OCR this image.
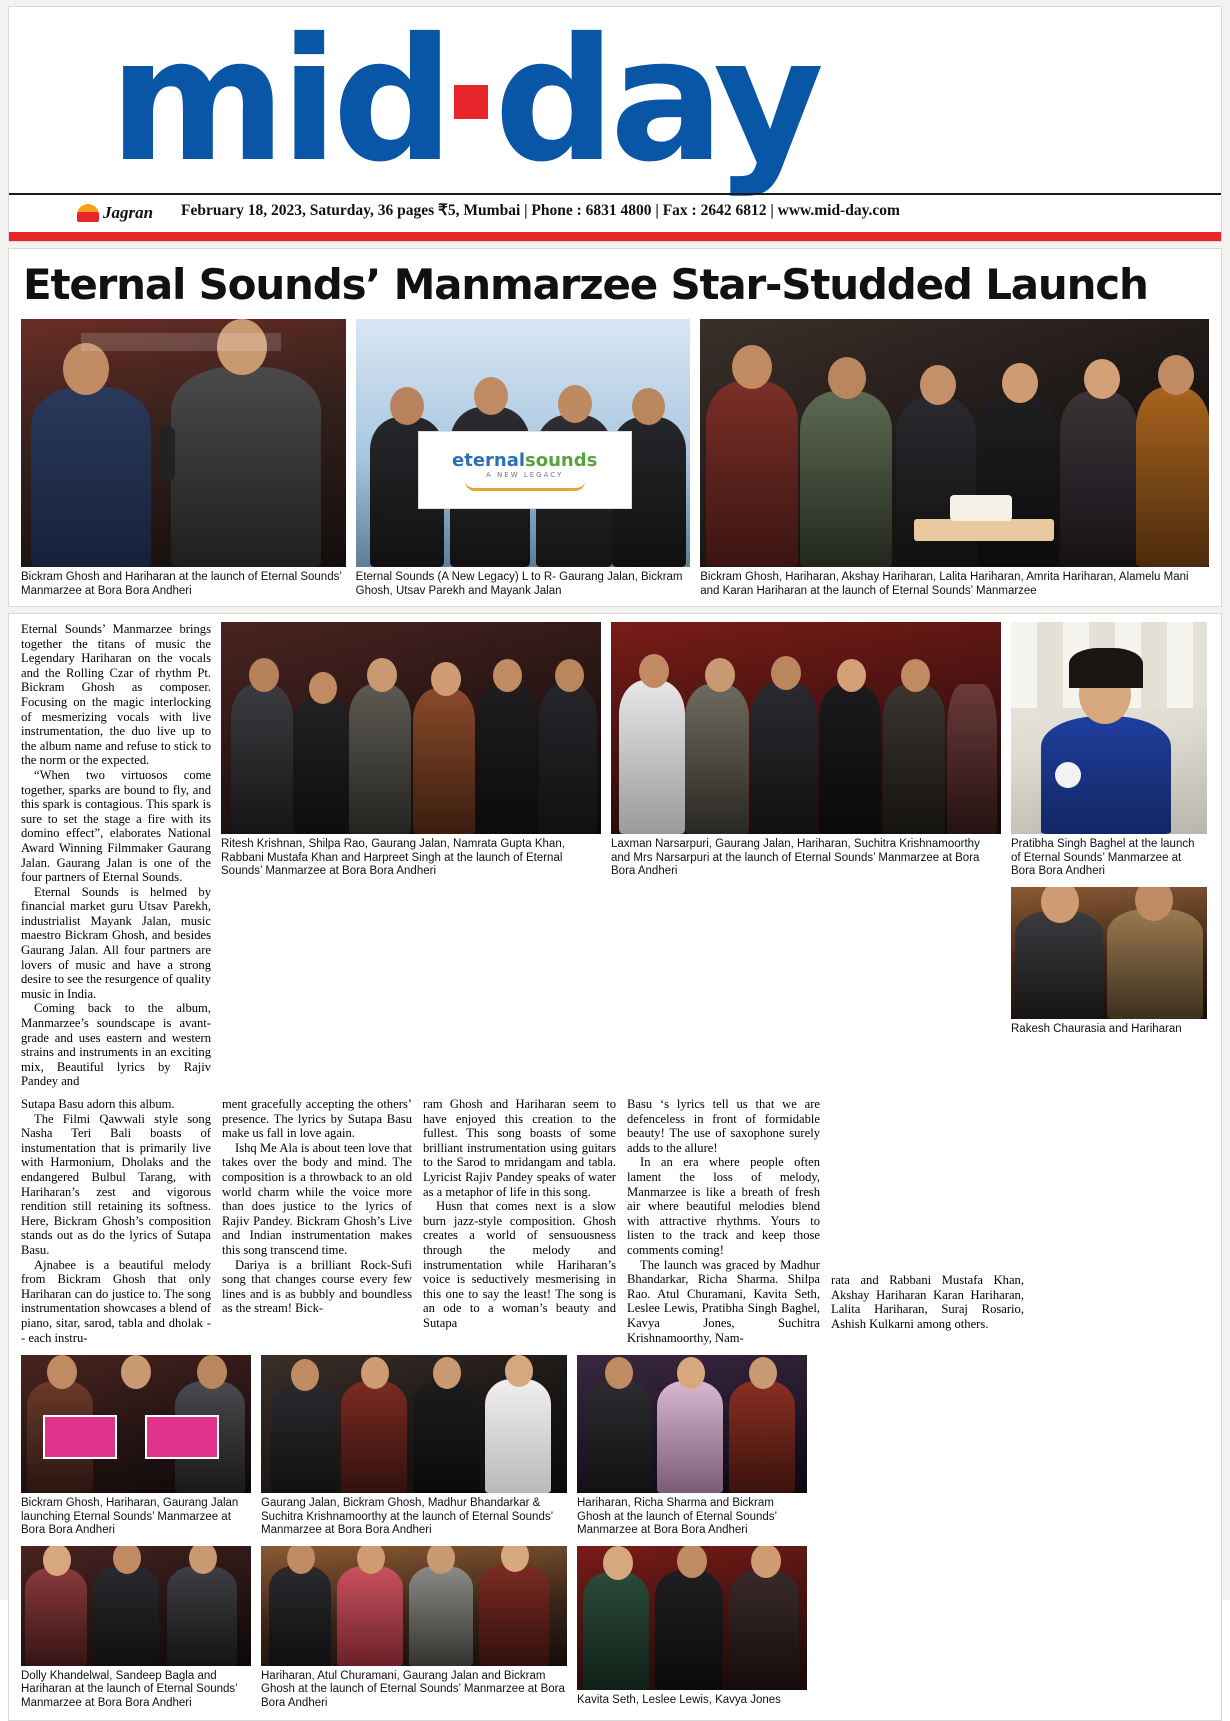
mid day
Jagran February 18, 2023, Saturday, 36 pages ₹5, Mumbai | Phone : 6831 4800 | Fax : 2642 6812 | www.mid-day.com
Eternal Sounds’ Manmarzee Star-Studded Launch
Bickram Ghosh and Hariharan at the launch of Eternal Sounds’ Manmarzee at Bora Bora Andheri
eternalsounds
A NEW LEGACY
Eternal Sounds (A New Legacy) L to R- Gaurang Jalan, Bickram Ghosh, Utsav Parekh and Mayank Jalan
Bickram Ghosh, Hariharan, Akshay Hariharan, Lalita Hariharan, Amrita Hariharan, Alamelu Mani and Karan Hariharan at the launch of Eternal Sounds’ Manmarzee

Eternal Sounds’ Manmarzee brings together the titans of music the Legendary Hariharan on the vocals and the Rolling Czar of rhythm Pt. Bickram Ghosh as composer. Focusing on the magic interlocking of mesmerizing vocals with live instrumentation, the duo live up to the album name and refuse to stick to the norm or the expected.

“When two virtuosos come together, sparks are bound to fly, and this spark is contagious. This spark is sure to set the stage a fire with its domino effect”, elaborates National Award Winning Filmmaker Gaurang Jalan. Gaurang Jalan is one of the four partners of Eternal Sounds.

Eternal Sounds is helmed by financial market guru Utsav Parekh, industrialist Mayank Jalan, music maestro Bickram Ghosh, and besides Gaurang Jalan. All four partners are lovers of music and have a strong desire to see the resurgence of quality music in India.

Coming back to the album, Manmarzee’s soundscape is avant-grade and uses eastern and western strains and instruments in an exciting mix, Beautiful lyrics by Rajiv Pandey and

Ritesh Krishnan, Shilpa Rao, Gaurang Jalan, Namrata Gupta Khan, Rabbani Mustafa Khan and Harpreet Singh at the launch of Eternal Sounds’ Manmarzee at Bora Bora Andheri
Laxman Narsarpuri, Gaurang Jalan, Hariharan, Suchitra Krishnamoorthy and Mrs Narsarpuri at the launch of Eternal Sounds’ Manmarzee at Bora Bora Andheri
Pratibha Singh Baghel at the launch of Eternal Sounds’ Manmarzee at Bora Bora Andheri
Rakesh Chaurasia and Hariharan

Sutapa Basu adorn this album.

The Filmi Qawwali style song Nasha Teri Bali boasts of instumentation that is primarily live with Harmonium, Dholaks and the endangered Bulbul Tarang, with Hariharan’s zest and vigorous rendition still retaining its softness. Here, Bickram Ghosh’s composition stands out as do the lyrics of Sutapa Basu.

Ajnabee is a beautiful melody from Bickram Ghosh that only Hariharan can do justice to. The song instrumentation showcases a blend of piano, sitar, sarod, tabla and dholak -- each instru-

ment gracefully accepting the others’ presence. The lyrics by Sutapa Basu make us fall in love again.

Ishq Me Ala is about teen love that takes over the body and mind. The composition is a throwback to an old world charm while the voice more than does justice to the lyrics of Rajiv Pandey. Bickram Ghosh’s Live and Indian instrumentation makes this song transcend time.

Dariya is a brilliant Rock-Sufi song that changes course every few lines and is as bubbly and boundless as the stream! Bick-

ram Ghosh and Hariharan seem to have enjoyed this creation to the fullest. This song boasts of some brilliant instrumentation using guitars to the Sarod to mridangam and tabla. Lyricist Rajiv Pandey speaks of water as a metaphor of life in this song.

Husn that comes next is a slow burn jazz-style composition. Ghosh creates a world of sensuousness through the melody and instrumentation while Hariharan’s voice is seductively mesmerising in this one to say the least! The song is an ode to a woman’s beauty and Sutapa

Basu ‘s lyrics tell us that we are defenceless in front of formidable beauty! The use of saxophone surely adds to the allure!

In an era where people often lament the loss of melody, Manmarzee is like a breath of fresh air where beautiful melodies blend with attractive rhythms. Yours to listen to the track and keep those comments coming!

The launch was graced by Madhur Bhandarkar, Richa Sharma. Shilpa Rao. Atul Churamani, Kavita Seth, Leslee Lewis, Pratibha Singh Baghel, Kavya Jones, Suchitra Krishnamoorthy, Nam-

rata and Rabbani Mustafa Khan, Akshay Hariharan Karan Hariharan, Lalita Hariharan, Suraj Rosario, Ashish Kulkarni among others.

Bickram Ghosh, Hariharan, Gaurang Jalan launching Eternal Sounds’ Manmarzee at Bora Bora Andheri
Gaurang Jalan, Bickram Ghosh, Madhur Bhandarkar & Suchitra Krishnamoorthy at the launch of Eternal Sounds’ Manmarzee at Bora Bora Andheri
Hariharan, Richa Sharma and Bickram Ghosh at the launch of Eternal Sounds’ Manmarzee at Bora Bora Andheri
Dolly Khandelwal, Sandeep Bagla and Hariharan at the launch of Eternal Sounds’ Manmarzee at Bora Bora Andheri
Hariharan, Atul Churamani, Gaurang Jalan and Bickram Ghosh at the launch of Eternal Sounds’ Manmarzee at Bora Bora Andheri	Kavita Seth, Leslee Lewis, Kavya Jones
